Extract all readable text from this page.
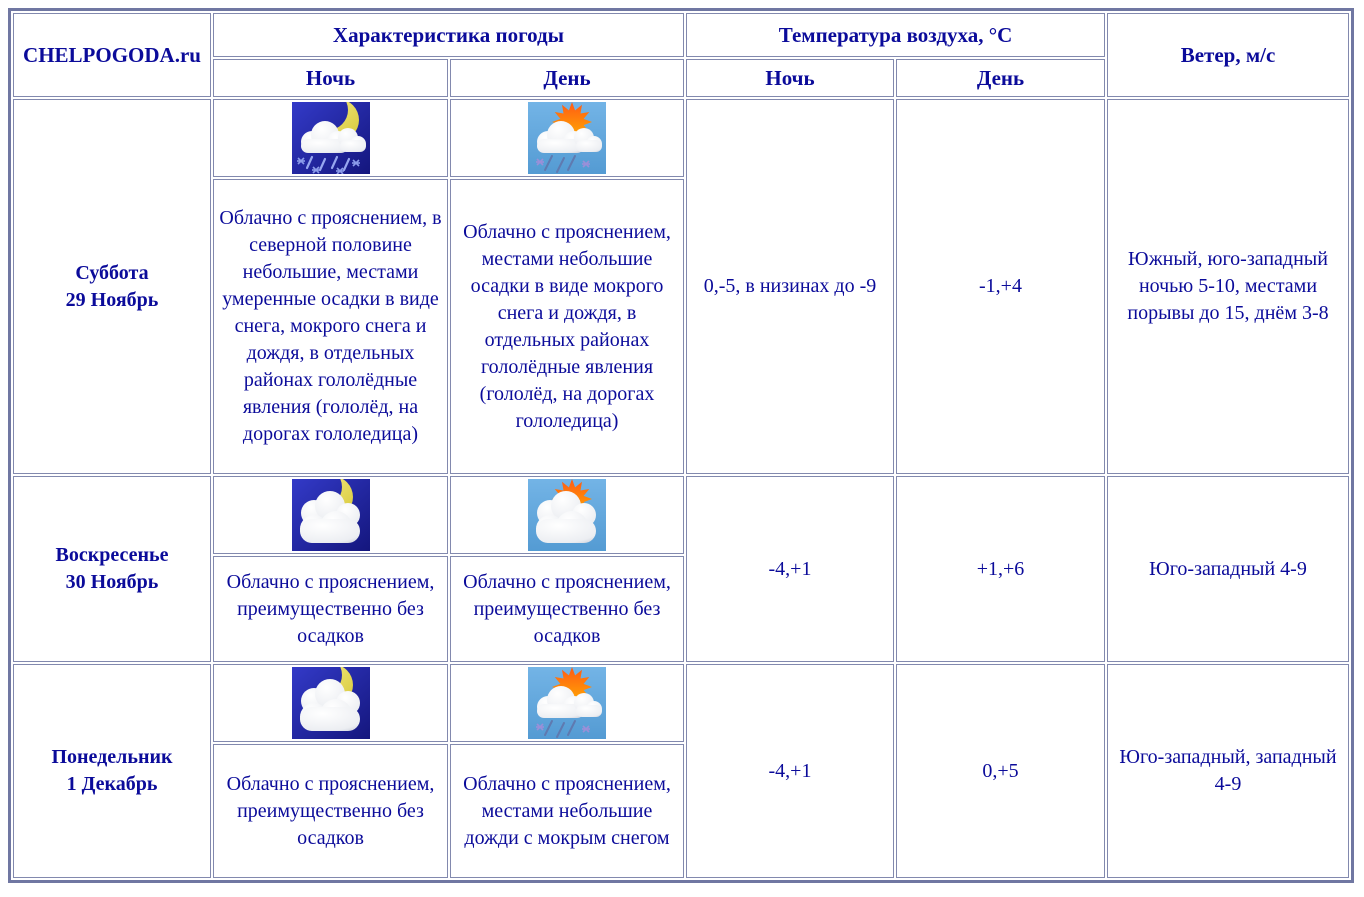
CHELPOGODA.ru	Характеристика погоды		Температура воздуха, °С		Ветер, м/с
	Ночь	День	Ночь	День	

Суббота
29 Ноябрь			0,-5, в низинах до -9	-1,+4	Южный, юго-западный ночью 5-10, местами порывы до 15, днём 3-8
	Облачно с прояснением, в северной половине небольшие, местами умеренные осадки в виде снега, мокрого снега и дождя, в отдельных районах гололёдные явления (гололёд, на дорогах гололедица)	Облачно с прояснением, местами небольшие осадки в виде мокрого снега и дождя, в отдельных районах гололёдные явления (гололёд, на дорогах гололедица)			

Воскресенье
30 Ноябрь			-4,+1	+1,+6	Юго-западный 4-9
	Облачно с прояснением, преимущественно без осадков	Облачно с прояснением, преимущественно без осадков			

Понедельник
1 Декабрь			-4,+1	0,+5	Юго-западный, западный 4-9
	Облачно с прояснением, преимущественно без осадков	Облачно с прояснением, местами небольшие дожди с мокрым снегом			
